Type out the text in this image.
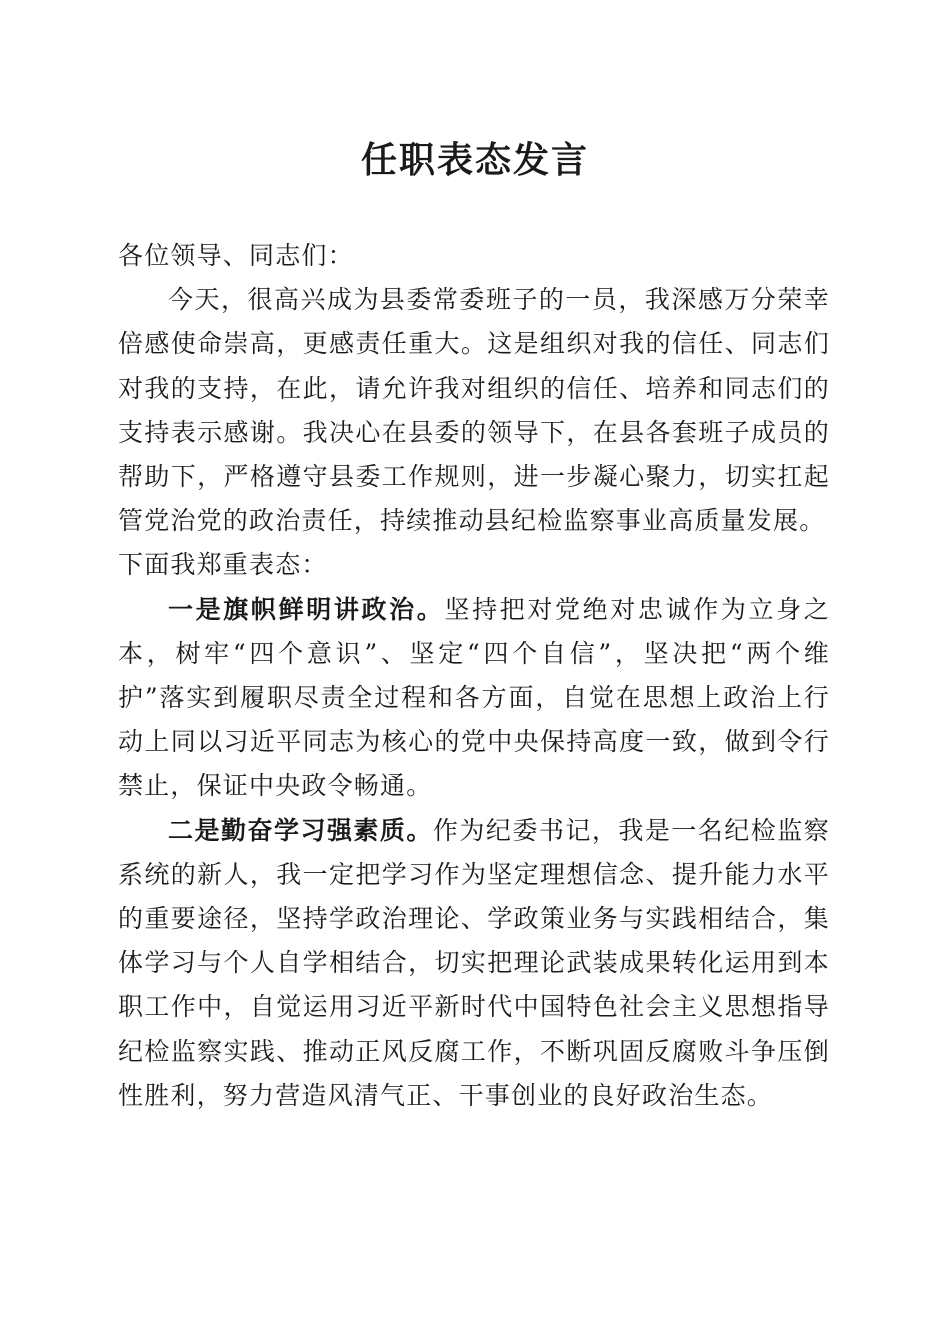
任职表态发言

各位领导、同志们：

今天，很高兴成为县委常委班子的一员，我深感万分荣幸倍感使命崇高，更感责任重大。这是组织对我的信任、同志们对我的支持，在此，请允许我对组织的信任、培养和同志们的支持表示感谢。我决心在县委的领导下，在县各套班子成员的帮助下，严格遵守县委工作规则，进一步凝心聚力，切实扛起管党治党的政治责任，持续推动县纪检监察事业高质量发展。

下面我郑重表态：

一是旗帜鲜明讲政治。坚持把对党绝对忠诚作为立身之本，树牢“四个意识”、坚定“四个自信”，坚决把“两个维护”落实到履职尽责全过程和各方面，自觉在思想上政治上行动上同以习近平同志为核心的党中央保持高度一致，做到令行禁止，保证中央政令畅通。

二是勤奋学习强素质。作为纪委书记，我是一名纪检监察系统的新人，我一定把学习作为坚定理想信念、提升能力水平的重要途径，坚持学政治理论、学政策业务与实践相结合，集体学习与个人自学相结合，切实把理论武装成果转化运用到本职工作中，自觉运用习近平新时代中国特色社会主义思想指导纪检监察实践、推动正风反腐工作，不断巩固反腐败斗争压倒性胜利，努力营造风清气正、干事创业的良好政治生态。
